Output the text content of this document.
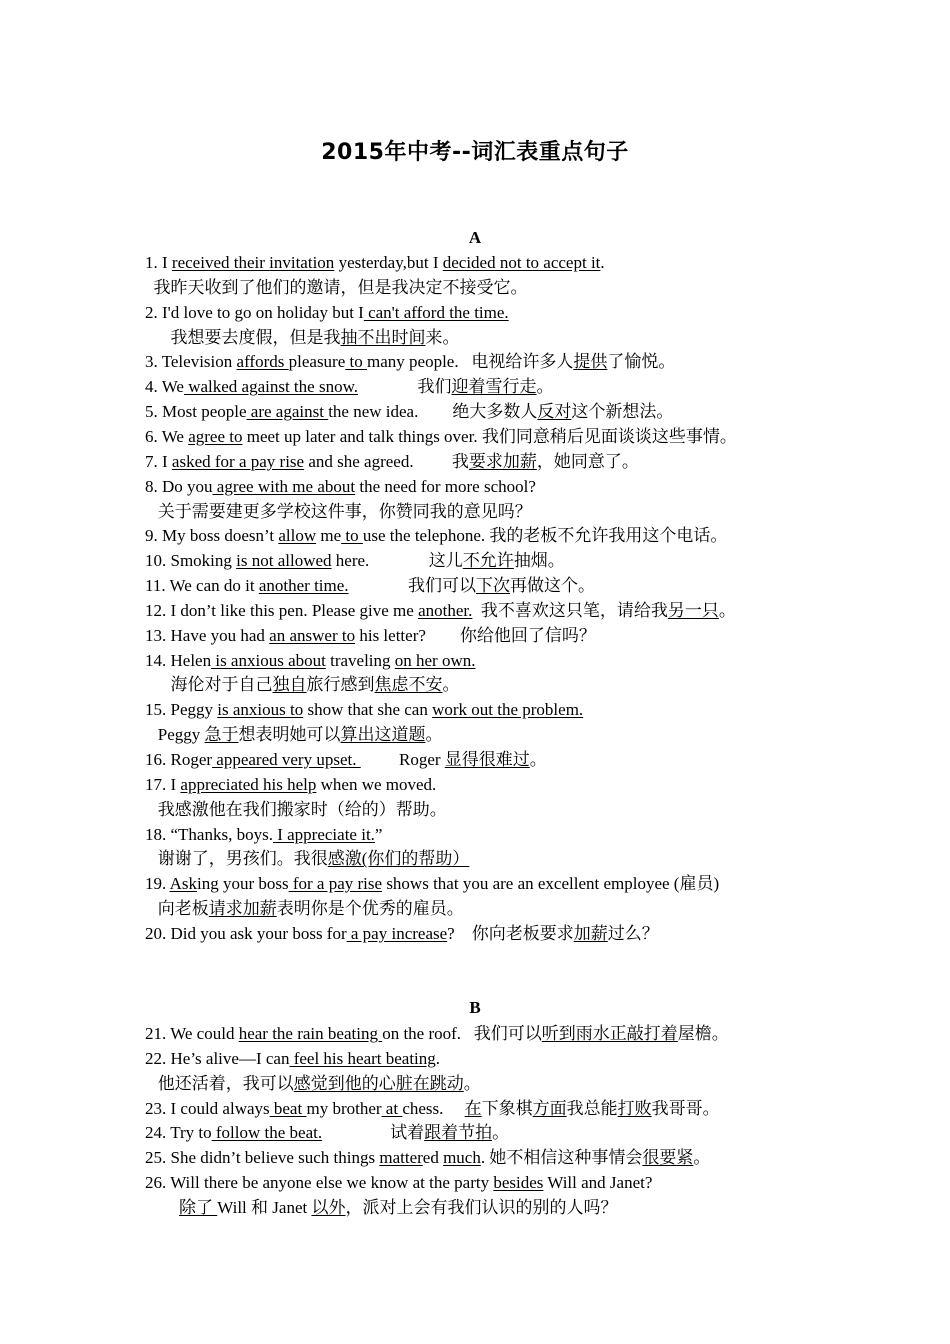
2015年中考--词汇表重点句子
A
1. I received their invitation yesterday,but I decided not to accept it.
我昨天收到了他们的邀请，但是我决定不接受它。
2. I'd love to go on holiday but I can't afford the time.
我想要去度假，但是我抽不出时间来。
3. Television affords pleasure to many people.   电视给许多人提供了愉悦。
4. We walked against the snow.              我们迎着雪行走。
5. Most people are against the new idea.        绝大多数人反对这个新想法。
6. We agree to meet up later and talk things over. 我们同意稍后见面谈谈这些事情。
7. I asked for a pay rise and she agreed.         我要求加薪，她同意了。
8. Do you agree with me about the need for more school?
关于需要建更多学校这件事，你赞同我的意见吗？
9. My boss doesn’t allow me to use the telephone. 我的老板不允许我用这个电话。
10. Smoking is not allowed here.              这儿不允许抽烟。
11. We can do it another time.              我们可以下次再做这个。
12. I don’t like this pen. Please give me another.  我不喜欢这只笔，请给我另一只。
13. Have you had an answer to his letter?        你给他回了信吗？
14. Helen is anxious about traveling on her own.
海伦对于自己独自旅行感到焦虑不安。
15. Peggy is anxious to show that she can work out the problem.
Peggy 急于想表明她可以算出这道题。
16. Roger appeared very upset.          Roger 显得很难过。
17. I appreciated his help when we moved.
我感激他在我们搬家时（给的）帮助。
18. “Thanks, boys. I appreciate it.”
谢谢了，男孩们。我很感激(你们的帮助）
19. Asking your boss for a pay rise shows that you are an excellent employee (雇员)
向老板请求加薪表明你是个优秀的雇员。
20. Did you ask your boss for a pay increase?    你向老板要求加薪过么？
B
21. We could hear the rain beating on the roof.   我们可以听到雨水正敲打着屋檐。
22. He’s alive—I can feel his heart beating.
他还活着，我可以感觉到他的心脏在跳动。
23. I could always beat my brother at chess.     在下象棋方面我总能打败我哥哥。
24. Try to follow the beat.                试着跟着节拍。
25. She didn’t believe such things mattered much. 她不相信这种事情会很要紧。
26. Will there be anyone else we know at the party besides Will and Janet?
除了 Will 和 Janet 以外，派对上会有我们认识的别的人吗？
